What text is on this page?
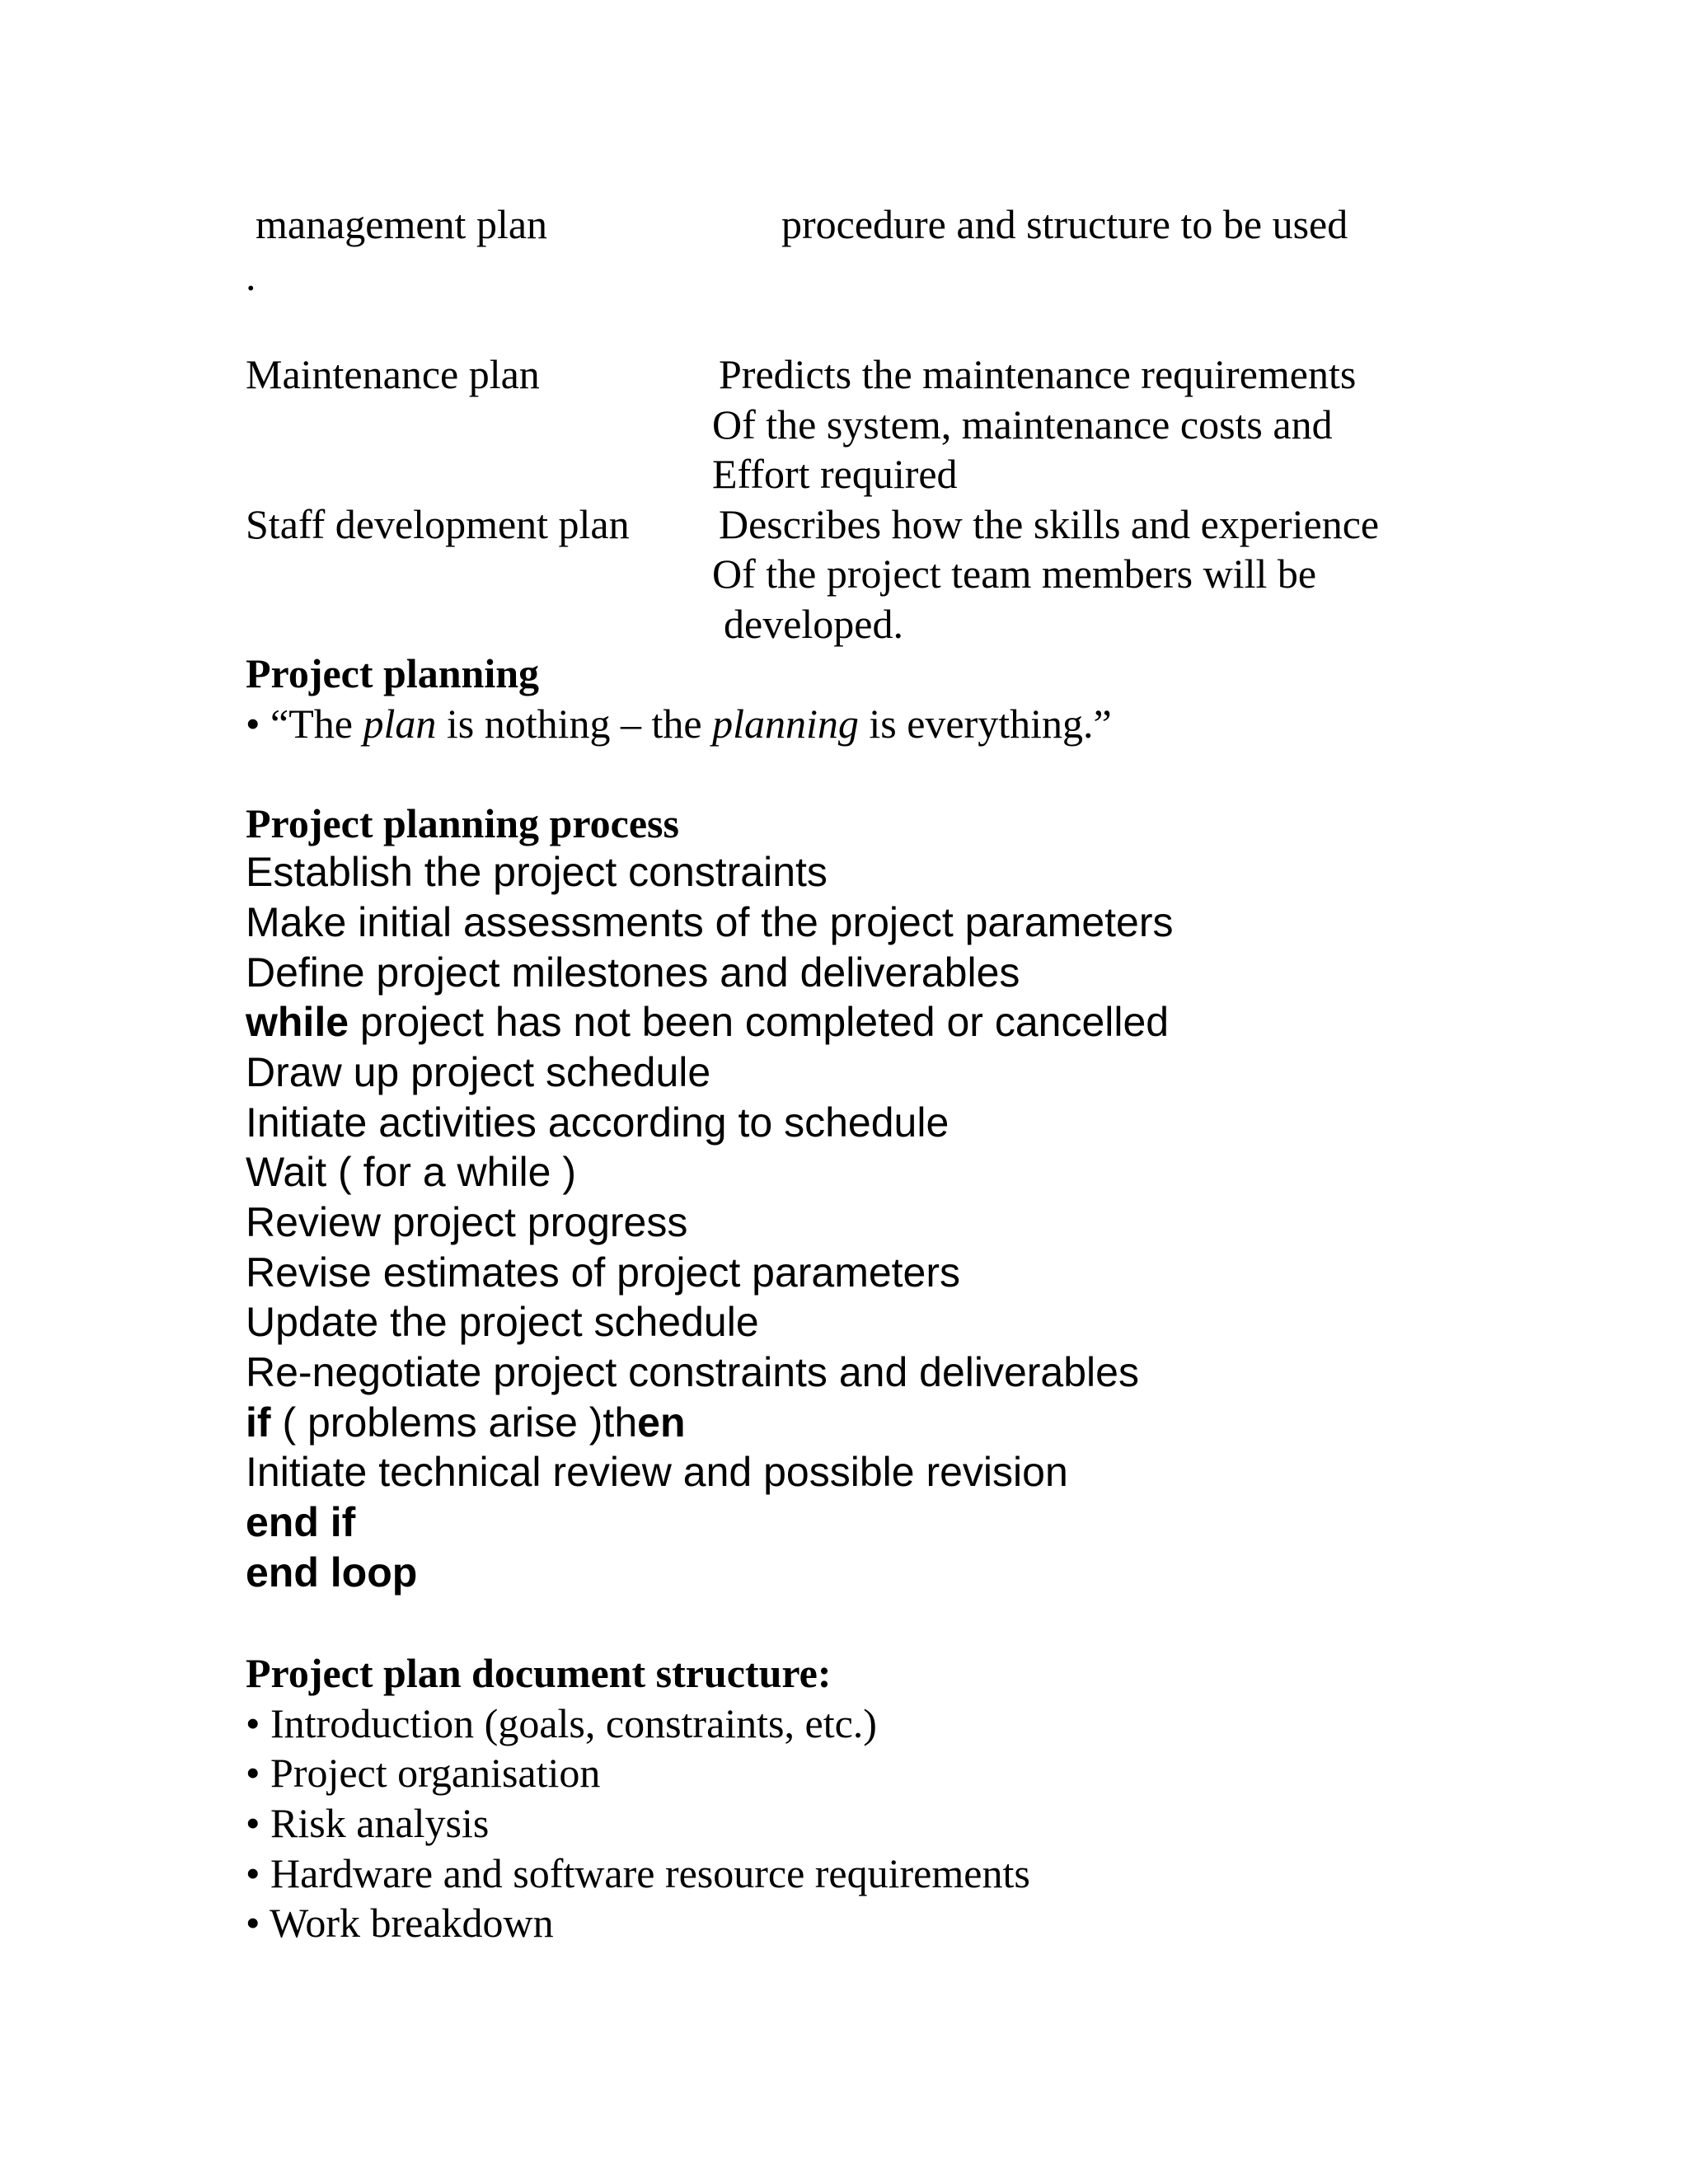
management plan	procedure and structure to be used
.
Maintenance plan	Predicts the maintenance requirements
Of the system, maintenance costs and
Effort required
Staff development plan Describes how the skills and experience
Of the project team members will be
developed.
Project planning
• “The plan is nothing – the planning is everything.”
Project planning process
Establish the project constraints
Make initial assessments of the project parameters
Define project milestones and deliverables
while project has not been completed or cancelled
Draw up project schedule
Initiate activities according to schedule
Wait ( for a while )
Review project progress
Revise estimates of project parameters
Update the project schedule
Re-negotiate project constraints and deliverables
if ( problems arise )then
Initiate technical review and possible revision
end if
end loop
Project plan document structure:
• Introduction (goals, constraints, etc.)
• Project organisation
• Risk analysis
• Hardware and software resource requirements
• Work breakdown
